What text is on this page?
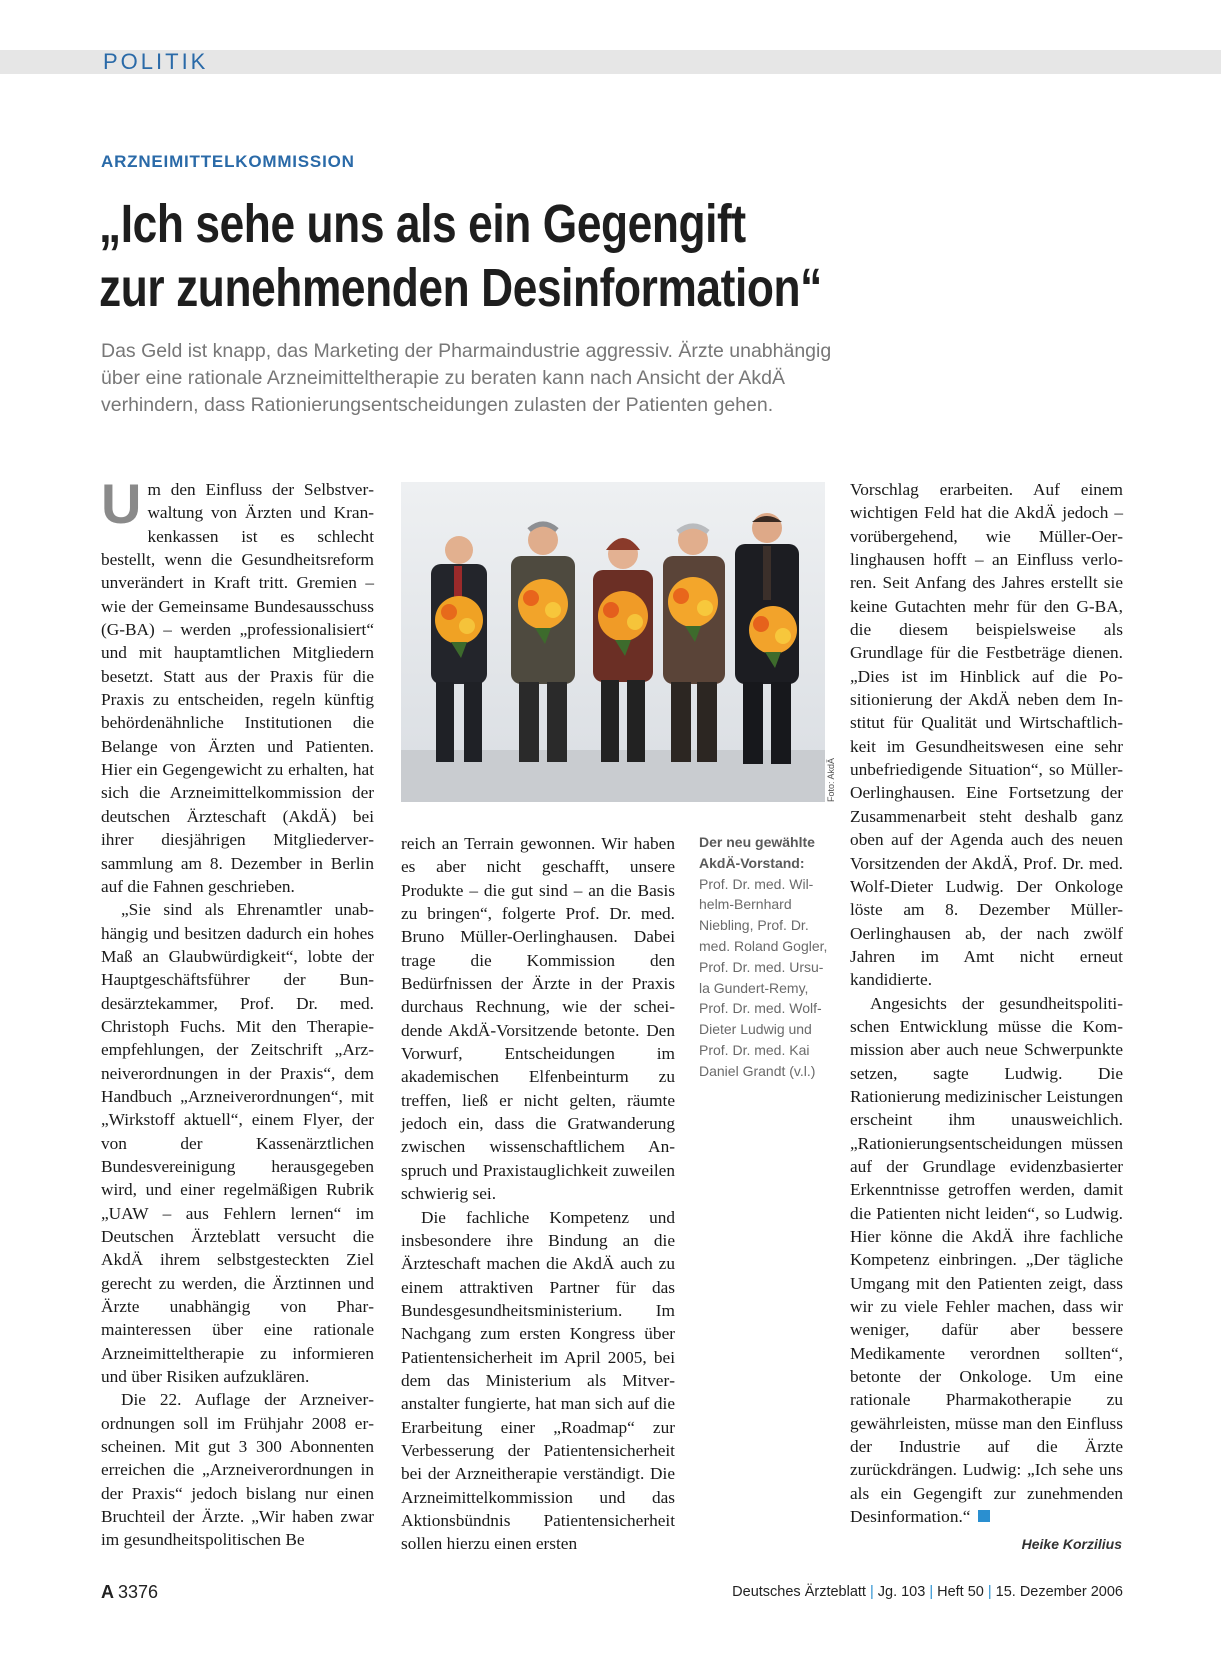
POLITIK
ARZNEIMITTELKOMMISSION
„Ich sehe uns als ein Gegengift
zur zunehmenden Desinformation“
Das Geld ist knapp, das Marketing der Pharmaindustrie aggressiv. Ärzte unabhängig
über eine rationale Arzneimitteltherapie zu beraten kann nach Ansicht der AkdÄ
verhindern, dass Rationierungsentscheidungen zulasten der Patienten gehen.

Um den Einfluss der Selbstverwaltung von Ärzten und Krankenkassen ist es schlecht bestellt, wenn die Gesundheitsreform unverändert in Kraft tritt. Gremien – wie der Gemeinsame Bundesausschuss (G-BA) – werden „professionalisiert“ und mit hauptamtlichen Mitgliedern besetzt. Statt aus der Praxis für die Praxis zu entscheiden, regeln künftig behördenähnliche Institutionen die Belange von Ärzten und Patienten. Hier ein Gegengewicht zu erhalten, hat sich die Arzneimittelkommission der deutschen Ärzteschaft (AkdÄ) bei ihrer diesjährigen Mitgliederversammlung am 8. Dezember in Berlin auf die Fahnen geschrieben.

„Sie sind als Ehrenamtler unabhängig und besitzen dadurch ein hohes Maß an Glaubwürdigkeit“, lobte der Hauptgeschäftsführer der Bundesärztekammer, Prof. Dr. med. Christoph Fuchs. Mit den Therapieempfehlungen, der Zeitschrift „Arzneiverordnungen in der Praxis“, dem Handbuch „Arzneiverordnungen“, mit „Wirkstoff aktuell“, einem Flyer, der von der Kassenärztlichen Bundesvereinigung herausgegeben wird, und einer regelmäßigen Rubrik „UAW – aus Fehlern lernen“ im Deutschen Ärzteblatt versucht die AkdÄ ihrem selbstgesteckten Ziel gerecht zu werden, die Ärztinnen und Ärzte unabhängig von Pharmainteressen über eine rationale Arzneimitteltherapie zu informieren und über Risiken aufzuklären.

Die 22. Auflage der Arzneiverordnungen soll im Frühjahr 2008 erscheinen. Mit gut 3 300 Abonnenten erreichen die „Arzneiverordnungen in der Praxis“ jedoch bislang nur einen Bruchteil der Ärzte. „Wir haben zwar im gesundheitspolitischen Be

Foto: AkdÄ
Der neu gewählte
AkdÄ-Vorstand:
Prof. Dr. med. Wil-
helm-Bernhard
Niebling, Prof. Dr.
med. Roland Gogler,
Prof. Dr. med. Ursu-
la Gundert-Remy,
Prof. Dr. med. Wolf-
Dieter Ludwig und
Prof. Dr. med. Kai
Daniel Grandt (v.l.)

reich an Terrain gewonnen. Wir haben es aber nicht geschafft, unsere Produkte – die gut sind – an die Basis zu bringen“, folgerte Prof. Dr. med. Bruno Müller-Oerlinghausen. Dabei trage die Kommission den Bedürfnissen der Ärzte in der Praxis durchaus Rechnung, wie der scheidende AkdÄ-Vorsitzende betonte. Den Vorwurf, Entscheidungen im akademischen Elfenbeinturm zu treffen, ließ er nicht gelten, räumte jedoch ein, dass die Gratwanderung zwischen wissenschaftlichem Anspruch und Praxistauglichkeit zuweilen schwierig sei.

Die fachliche Kompetenz und insbesondere ihre Bindung an die Ärzteschaft machen die AkdÄ auch zu einem attraktiven Partner für das Bundesgesundheitsministerium. Im Nachgang zum ersten Kongress über Patientensicherheit im April 2005, bei dem das Ministerium als Mitveranstalter fungierte, hat man sich auf die Erarbeitung einer „Roadmap“ zur Verbesserung der Patientensicherheit bei der Arzneitherapie verständigt. Die Arzneimittelkommission und das Aktionsbündnis Patientensicherheit sollen hierzu einen ersten

Vorschlag erarbeiten. Auf einem wichtigen Feld hat die AkdÄ jedoch – vorübergehend, wie Müller-Oerlinghausen hofft – an Einfluss verloren. Seit Anfang des Jahres erstellt sie keine Gutachten mehr für den G-BA, die diesem beispielsweise als Grundlage für die Festbeträge dienen. „Dies ist im Hinblick auf die Positionierung der AkdÄ neben dem Institut für Qualität und Wirtschaftlichkeit im Gesundheitswesen eine sehr unbefriedigende Situation“, so Müller-Oerlinghausen. Eine Fortsetzung der Zusammenarbeit steht deshalb ganz oben auf der Agenda auch des neuen Vorsitzenden der AkdÄ, Prof. Dr. med. Wolf-Dieter Ludwig. Der Onkologe löste am 8. Dezember Müller-Oerlinghausen ab, der nach zwölf Jahren im Amt nicht erneut kandidierte.

Angesichts der gesundheitspolitischen Entwicklung müsse die Kommission aber auch neue Schwerpunkte setzen, sagte Ludwig. Die Rationierung medizinischer Leistungen erscheint ihm unausweichlich. „Rationierungsentscheidungen müssen auf der Grundlage evidenzbasierter Erkenntnisse getroffen werden, damit die Patienten nicht leiden“, so Ludwig. Hier könne die AkdÄ ihre fachliche Kompetenz einbringen. „Der tägliche Umgang mit den Patienten zeigt, dass wir zu viele Fehler machen, dass wir weniger, dafür aber bessere Medikamente verordnen sollten“, betonte der Onkologe. Um eine rationale Pharmakotherapie zu gewährleisten, müsse man den Einfluss der Industrie auf die Ärzte zurückdrängen. Ludwig: „Ich sehe uns als ein Gegengift zur zunehmenden Desinformation.“

Heike Korzilius
A 3376	Deutsches Ärzteblatt | Jg. 103 | Heft 50 | 15. Dezember 2006
